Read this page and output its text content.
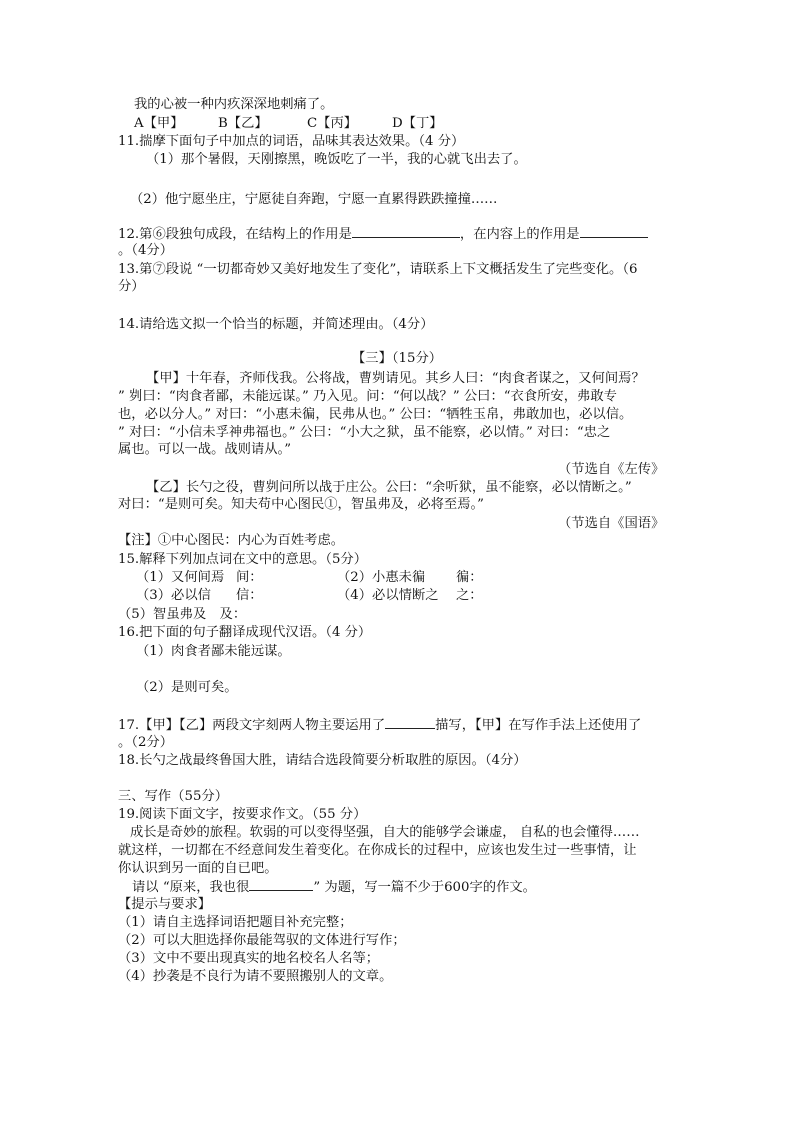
我的心被一种内疚深深地刺痛了。
A【甲】	B【乙】	C【丙】	D【丁】
11.揣摩下面句子中加点的词语，品味其表达效果。（4 分）
（1）那个暑假，天刚擦黑，晚饭吃了一半，我的心就飞出去了。
（2）他宁愿坐庄，宁愿徒自奔跑，宁愿一直累得跌跌撞撞……
12.第⑥段独句成段，在结构上的作用是	，在内容上的作用是
。（4分）
13.第⑦段说 “一切都奇妙又美好地发生了变化”，请联系上下文概括发生了完些变化。（6
分）
14.请给选文拟一个恰当的标题，并简述理由。（4分）
【三】（15分）
【甲】十年春，齐师伐我。公将战，曹刿请见。其乡人曰：“肉食者谋之，又何间焉？
” 刿曰：“肉食者鄙，未能远谋。” 乃入见。问：“何以战？” 公曰：“衣食所安，弗敢专
也，必以分人。” 对曰：“小惠未徧，民弗从也。” 公曰：“牺牲玉帛，弗敢加也，必以信。
” 对曰：“小信未孚神弗福也。” 公曰：“小大之狱，虽不能察，必以情。” 对曰：“忠之
属也。可以一战。战则请从。”
（节选自《左传》
【乙】长勺之役，曹刿问所以战于庄公。公曰：“余听狱，虽不能察，必以情断之。”
对曰：“是则可矣。知夫苟中心图民①，智虽弗及，必将至焉。”
（节选自《国语》
【注】①中心图民：内心为百姓考虑。
15.解释下列加点词在文中的意思。（5分）
（1）又何间焉 间：	（2）小惠未徧 徧：
（3）必以信 信：	（4）必以情断之 之：
（5）智虽弗及　及：
16.把下面的句子翻译成现代汉语。（4 分）
（1）肉食者鄙未能远谋。
（2）是则可矣。
17.【甲】【乙】两段文字刻两人物主要运用了	描写，【甲】在写作手法上还使用了
。（2分）
18.长勺之战最终鲁国大胜，请结合选段简要分析取胜的原因。（4分）
三、写作（55分）
19.阅读下面文字，按要求作文。（55 分）
成长是奇妙的旅程。软弱的可以变得坚强，自大的能够学会谦虚， 自私的也会懂得……
就这样，一切都在不经意间发生着变化。在你成长的过程中，应该也发生过一些事情，让
你认识到另一面的自已吧。
请以 “原来，我也很	” 为题，写一篇不少于600字的作文。
【提示与要求】
（1）请自主选择词语把题目补充完整；
（2）可以大胆选择你最能驾驭的文体进行写作；
（3）文中不要出现真实的地名校名人名等；
（4）抄袭是不良行为请不要照搬别人的文章。
